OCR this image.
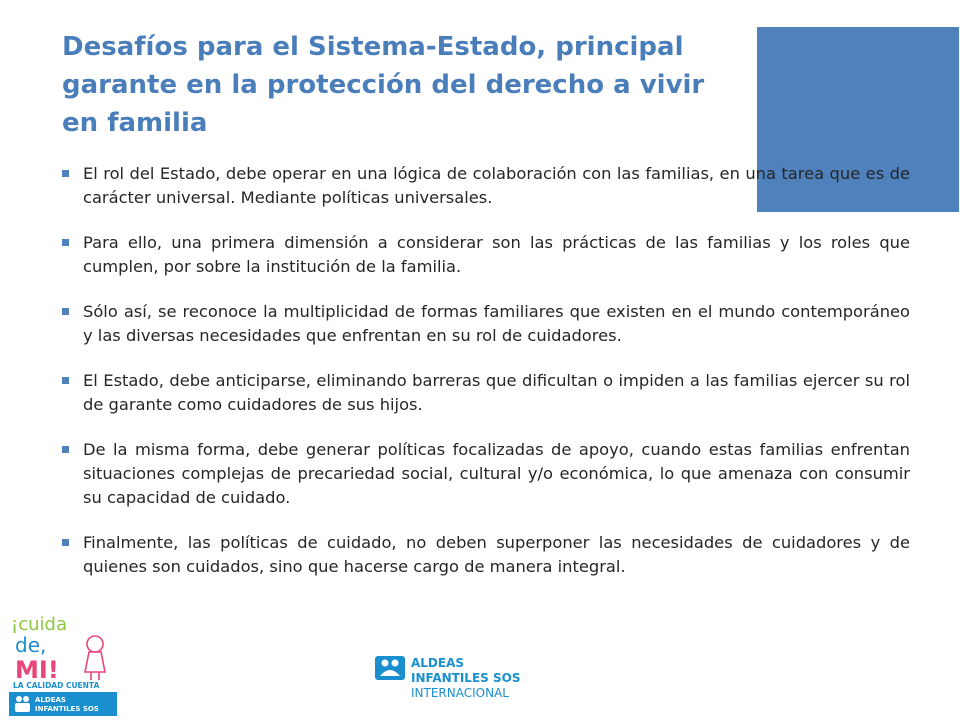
Desafíos para el Sistema-Estado, principal
garante en la protección del derecho a vivir
en familia
El rol del Estado, debe operar en una lógica de colaboración con las familias, en una tarea que es de carácter universal. Mediante políticas universales.
Para ello, una primera dimensión a considerar son las prácticas de las familias y los roles que cumplen, por sobre la institución de la familia.
Sólo así, se reconoce la multiplicidad de formas familiares que existen en el mundo contemporáneo y las diversas necesidades que enfrentan en su rol de cuidadores.
El Estado, debe anticiparse, eliminando barreras que dificultan o impiden a las familias ejercer su rol de garante como cuidadores de sus hijos.
De la misma forma, debe generar políticas focalizadas de apoyo, cuando estas familias enfrentan situaciones complejas de precariedad social, cultural y/o económica, lo que amenaza con consumir su capacidad de cuidado.
Finalmente, las políticas de cuidado, no deben superponer las necesidades de cuidadores y de quienes son cuidados, sino que hacerse cargo de manera integral.
¡cuida
de,
MI!
LA CALIDAD CUENTA
ALDEAS
INFANTILES SOS
ALDEAS
INFANTILES SOS
INTERNACIONAL
